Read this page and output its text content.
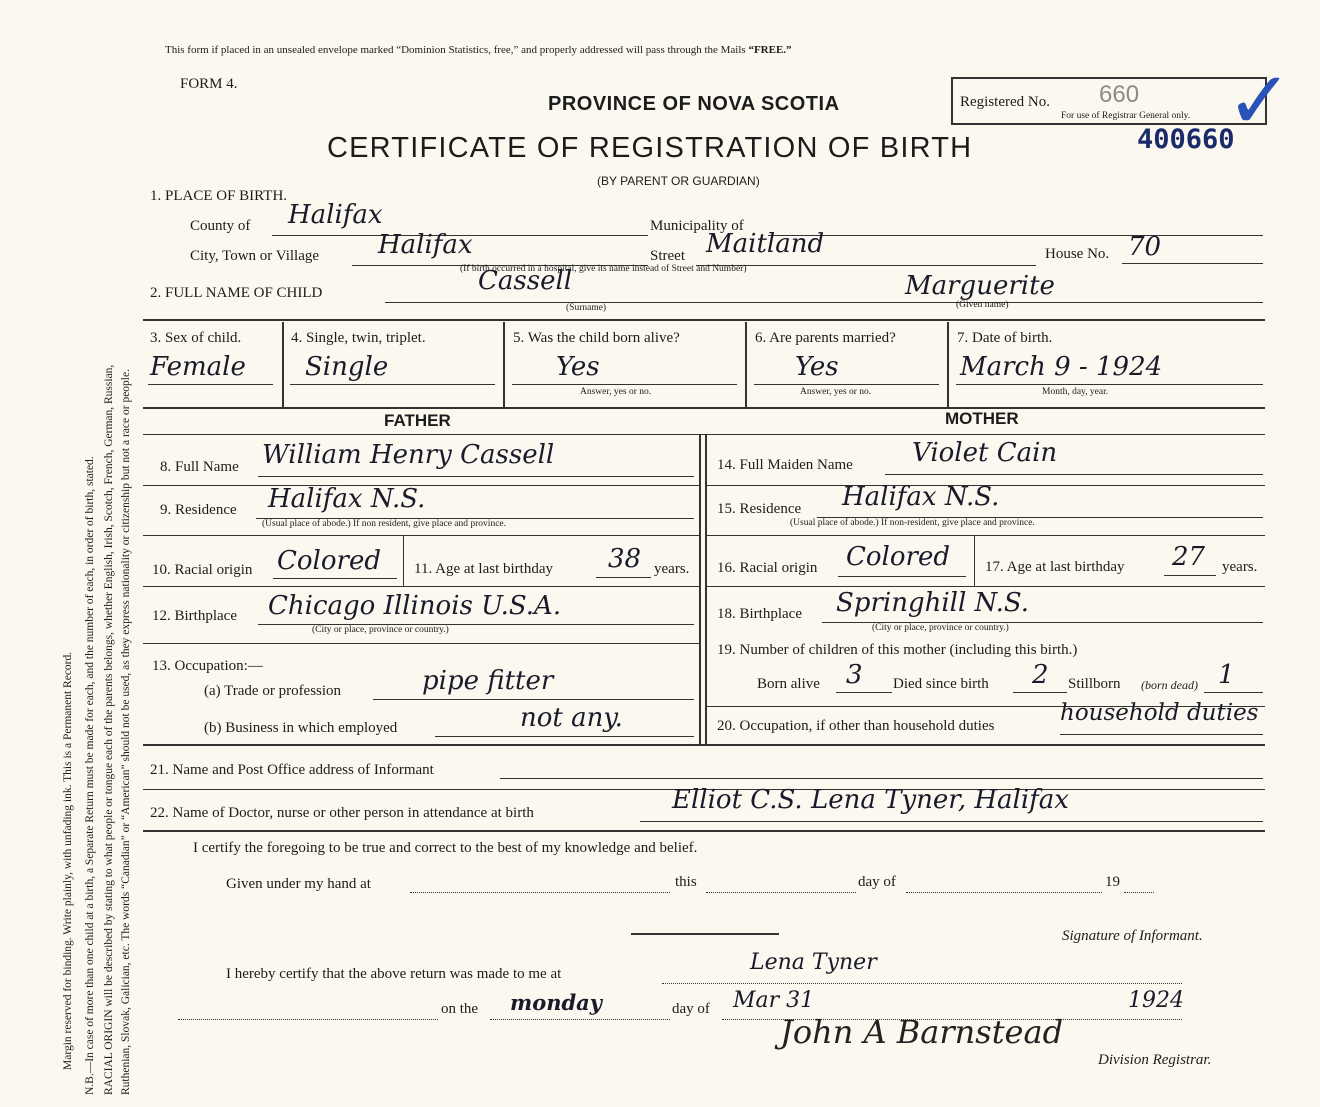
Margin reserved for binding. Write plainly, with unfading ink. This is a Permanent Record. N.B.—In case of more than one child at a birth, a Separate Return must be made for each, and the number of each, in order of birth, stated. RACIAL ORIGIN will be described by stating to what people or tongue each of the parents belongs, whether English, Irish, Scotch, French, German, Russian, Ruthenian, Slovak, Galician, etc. The words “Canadian” or “American” should not be used, as they express nationality or citizenship but not a race or people.
This form if placed in an unsealed envelope marked “Dominion Statistics, free,” and properly addressed will pass through the Mails “FREE.”
FORM 4.
PROVINCE OF NOVA SCOTIA
CERTIFICATE OF REGISTRATION OF BIRTH
(BY PARENT OR GUARDIAN)
Registered No. 660
For use of Registrar General only.
400660
✓
1. PLACE OF BIRTH.
County of Halifax	Municipality of
City, Town or Village Halifax	Street Maitland	House No. 70
(If birth occurred in a hospital, give its name instead of Street and Number)
2. FULL NAME OF CHILD	Cassell
(Surname)
Marguerite
(Given name)
3. Sex of child.
Female
4. Single, twin, triplet.
Single
5. Was the child born alive?
Yes
Answer, yes or no.
6. Are parents married?
Yes
Answer, yes or no.
7. Date of birth.
March 9 - 1924
Month, day, year.
FATHER	MOTHER
8. Full Name William Henry Cassell
9. Residence Halifax N.S.
(Usual place of abode.) If non resident, give place and province.
10. Racial origin Colored 11. Age at last birthday 38 years.
12. Birthplace Chicago Illinois U.S.A.
(City or place, province or country.)
13. Occupation:—
(a) Trade or profession	pipe fitter
(b) Business in which employed	not any.
14. Full Maiden Name Violet Cain
15. Residence Halifax N.S.
(Usual place of abode.) If non-resident, give place and province.
16. Racial origin Colored 17. Age at last birthday 27 years.
18. Birthplace Springhill N.S.
(City or place, province or country.)
19. Number of children of this mother (including this birth.)
Born alive 3 Died since birth 2 Stillborn (born dead) 1
20. Occupation, if other than household duties	household duties
21. Name and Post Office address of Informant
22. Name of Doctor, nurse or other person in attendance at birth	Elliot C.S. Lena Tyner, Halifax
I certify the foregoing to be true and correct to the best of my knowledge and belief.
Given under my hand at	this	day of	19
Signature of Informant.
I hereby certify that the above return was made to me at	Lena Tyner
on the monday	day of Mar 31	1924
John A Barnstead
Division Registrar.
